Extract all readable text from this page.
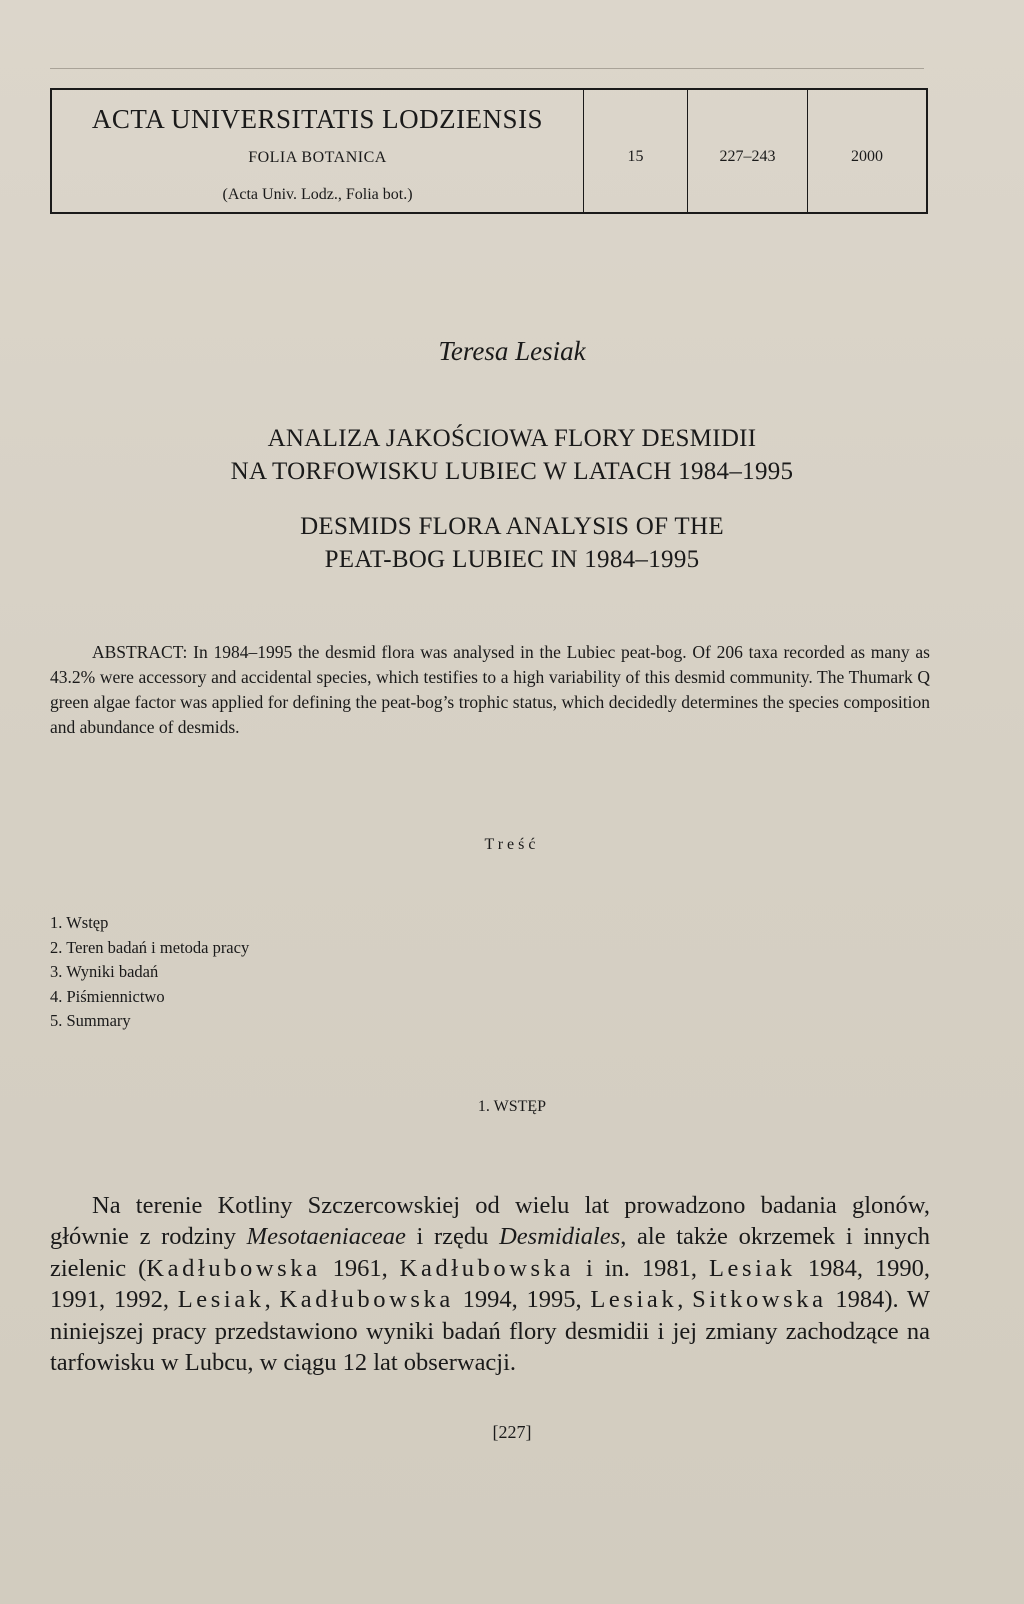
ACTA UNIVERSITATIS LODZIENSIS
FOLIA BOTANICA
(Acta Univ. Lodz., Folia bot.)
15	227–243	2000
Teresa Lesiak
ANALIZA JAKOŚCIOWA FLORY DESMIDII
NA TORFOWISKU LUBIEC W LATACH 1984–1995
DESMIDS FLORA ANALYSIS OF THE
PEAT-BOG LUBIEC IN 1984–1995
ABSTRACT: In 1984–1995 the desmid flora was analysed in the Lubiec peat-bog. Of 206 taxa recorded as many as 43.2% were accessory and accidental species, which testifies to a high variability of this desmid community. The Thumark Q green algae factor was applied for defining the peat-bog’s trophic status, which decidedly determines the species composition and abundance of desmids.
Treść
1. Wstęp
2. Teren badań i metoda pracy
3. Wyniki badań
4. Piśmiennictwo
5. Summary
1. WSTĘP

Na terenie Kotliny Szczercowskiej od wielu lat prowadzono badania glonów, głównie z rodziny Mesotaeniaceae i rzędu Desmidiales, ale także okrzemek i innych zielenic (Kadłubowska 1961, Kadłubowska i in. 1981, Lesiak 1984, 1990, 1991, 1992, Lesiak, Kadłubowska 1994, 1995, Lesiak, Sitkowska 1984). W niniejszej pracy przedstawiono wyniki badań flory desmidii i jej zmiany zachodzące na tarfowisku w Lubcu, w ciągu 12 lat obserwacji.

[227]
